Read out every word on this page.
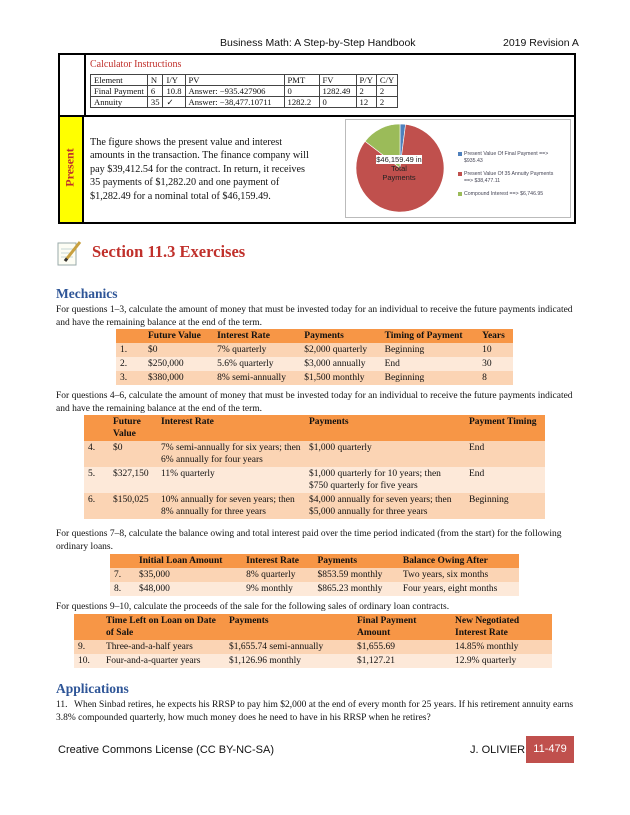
Business Math: A Step-by-Step Handbook	2019 Revision A
Calculator Instructions
Element	N	I/Y	PV	PMT	FV	P/Y	C/Y
Final Payment	6	10.8	Answer: −935.427906	0	1282.49	2	2
Annuity	35	✓	Answer: −38,477.10711	1282.2	0	12	2
Present
The figure shows the present value and interest amounts in the transaction. The finance company will pay $39,412.54 for the contract. In return, it receives 35 payments of $1,282.20 and one payment of $1,282.49 for a nominal total of $46,159.49.
$46,159.49 in
Total
Payments
Present Value Of Final Payment ==>
$935.43
Present Value Of 35 Annuity Payments
==> $38,477.11
Compound Interest ==> $6,746.95
Section 11.3 Exercises
Mechanics
For questions 1–3, calculate the amount of money that must be invested today for an individual to receive the future payments indicated and have the remaining balance at the end of the term.
	Future Value	Interest Rate	Payments	Timing of Payment	Years
1.	$0	7% quarterly	$2,000 quarterly	Beginning	10
2.	$250,000	5.6% quarterly	$3,000 annually	End	30
3.	$380,000	8% semi-annually	$1,500 monthly	Beginning	8
For questions 4–6, calculate the amount of money that must be invested today for an individual to receive the future payments indicated and have the remaining balance at the end of the term.
	Future Value	Interest Rate	Payments	Payment Timing
4.	$0	7% semi-annually for six years; then 6% annually for four years	$1,000 quarterly	End
5.	$327,150	11% quarterly	$1,000 quarterly for 10 years; then $750 quarterly for five years	End
6.	$150,025	10% annually for seven years; then 8% annually for three years	$4,000 annually for seven years; then $5,000 annually for three years	Beginning
For questions 7–8, calculate the balance owing and total interest paid over the time period indicated (from the start) for the following ordinary loans.
	Initial Loan Amount	Interest Rate	Payments	Balance Owing After
7.	$35,000	8% quarterly	$853.59 monthly	Two years, six months
8.	$48,000	9% monthly	$865.23 monthly	Four years, eight months
For questions 9–10, calculate the proceeds of the sale for the following sales of ordinary loan contracts.
	Time Left on Loan on Date of Sale	Payments	Final Payment Amount	New Negotiated Interest Rate
9.	Three-and-a-half years	$1,655.74 semi-annually	$1,655.69	14.85% monthly
10.	Four-and-a-quarter years	$1,126.96 monthly	$1,127.21	12.9% quarterly
Applications
11. When Sinbad retires, he expects his RRSP to pay him $2,000 at the end of every month for 25 years. If his retirement annuity earns 3.8% compounded quarterly, how much money does he need to have in his RRSP when he retires?
Creative Commons License (CC BY-NC-SA)	J. OLIVIER 11-479
